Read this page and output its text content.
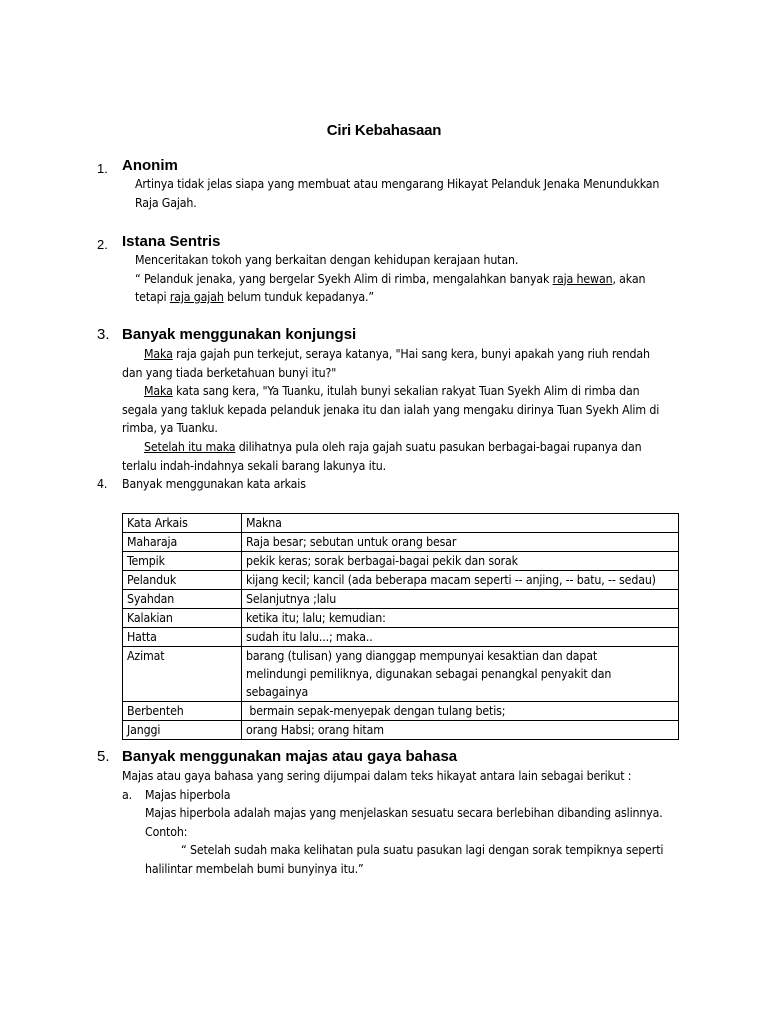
Ciri Kebahasaan
1. Anonim
Artinya tidak jelas siapa yang membuat atau mengarang Hikayat Pelanduk Jenaka Menundukkan
Raja Gajah.
2. Istana Sentris
Menceritakan tokoh yang berkaitan dengan kehidupan kerajaan hutan.
“ Pelanduk jenaka, yang bergelar Syekh Alim di rimba, mengalahkan banyak raja hewan, akan
tetapi raja gajah belum tunduk kepadanya.”
3. Banyak menggunakan konjungsi
Maka raja gajah pun terkejut, seraya katanya, "Hai sang kera, bunyi apakah yang riuh rendah
dan yang tiada berketahuan bunyi itu?"
Maka kata sang kera, "Ya Tuanku, itulah bunyi sekalian rakyat Tuan Syekh Alim di rimba dan
segala yang takluk kepada pelanduk jenaka itu dan ialah yang mengaku dirinya Tuan Syekh Alim di
rimba, ya Tuanku.
Setelah itu maka dilihatnya pula oleh raja gajah suatu pasukan berbagai-bagai rupanya dan
terlalu indah-indahnya sekali barang lakunya itu.
4. Banyak menggunakan kata arkais
Kata Arkais	Makna
Maharaja	Raja besar; sebutan untuk orang besar

Tempik	pekik keras; sorak berbagai-bagai pekik dan sorak

Pelanduk	kijang kecil; kancil (ada beberapa macam seperti -- anjing, -- batu, -- sedau)

Syahdan	Selanjutnya ;lalu

Kalakian	ketika itu; lalu; kemudian:

Hatta	sudah itu lalu...; maka..

Azimat	barang (tulisan) yang dianggap mempunyai kesaktian dan dapat
melindungi pemiliknya, digunakan sebagai penangkal penyakit dan
sebagainya

Berbenteh	bermain sepak-menyepak dengan tulang betis;

Janggi	orang Habsi; orang hitam
5. Banyak menggunakan majas atau gaya bahasa
Majas atau gaya bahasa yang sering dijumpai dalam teks hikayat antara lain sebagai berikut :
a. Majas hiperbola
Majas hiperbola adalah majas yang menjelaskan sesuatu secara berlebihan dibanding aslinnya.
Contoh:
“ Setelah sudah maka kelihatan pula suatu pasukan lagi dengan sorak tempiknya seperti
halilintar membelah bumi bunyinya itu.”
